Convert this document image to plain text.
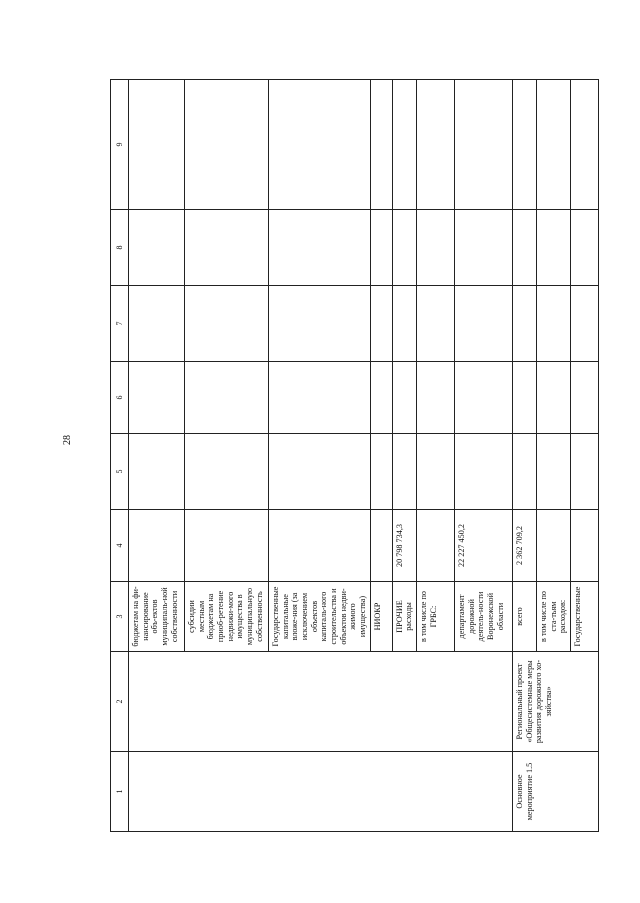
28
1	2	3	4	5	6	7	8	9
		бюджетам на фи-нансирование объ-ектов муниципаль-ной собственности						
		субсидии местным бюджетам на приоб-ретение недвижи-мого имущества в муниципальную собственность						
		Государственные капитальные вложе-ния (за исключением объектов капиталь-ного строительства и объектов недви-жимого имущества)						
		НИОКР						
		ПРОЧИЕ расходы	20 798 734,3					
		в том числе по ГРБС:						
		департамент дорожной деятель-ности Воронежской области	22 227 450,2					
Основное мероприятие 1.5	Региональный проект «Общесистемные меры развития дорожного хо-зяйства»	всего	2 362 709,2					
		в том числе по ста-тьям расходов:						
		Государственные						
